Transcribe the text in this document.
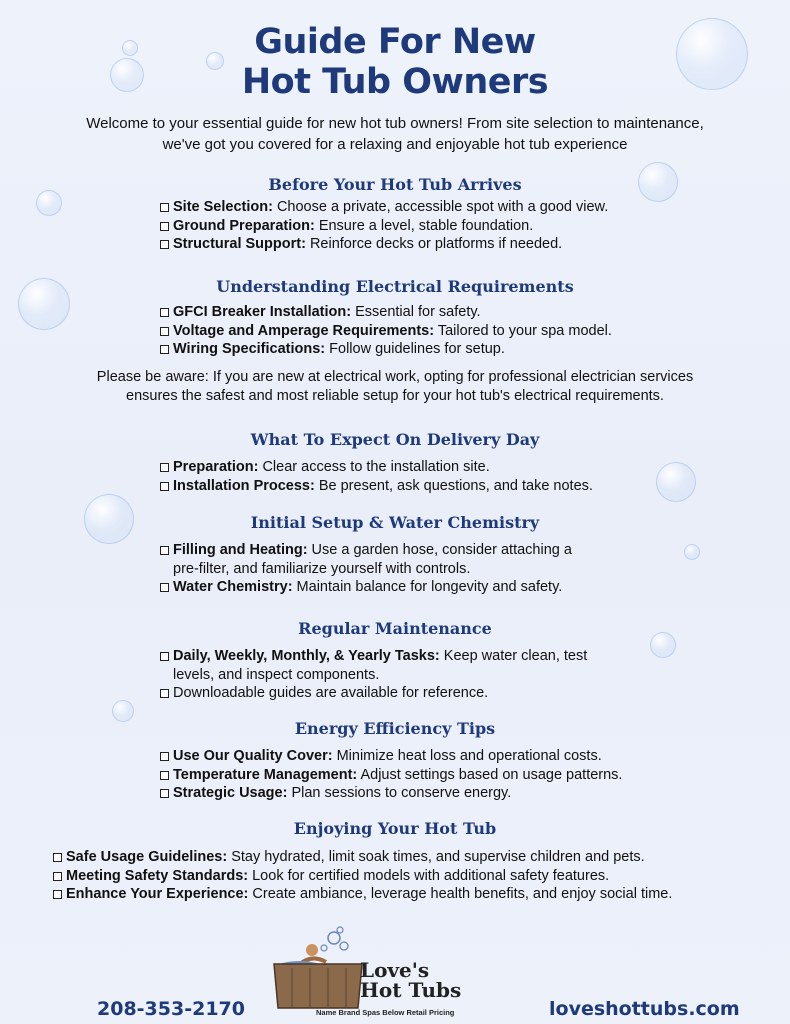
Guide For New
Hot Tub Owners
Welcome to your essential guide for new hot tub owners! From site selection to maintenance,
we've got you covered for a relaxing and enjoyable hot tub experience
Before Your Hot Tub Arrives
Site Selection: Choose a private, accessible spot with a good view.
Ground Preparation: Ensure a level, stable foundation.
Structural Support: Reinforce decks or platforms if needed.
Understanding Electrical Requirements
GFCI Breaker Installation: Essential for safety.
Voltage and Amperage Requirements: Tailored to your spa model.
Wiring Specifications: Follow guidelines for setup.
Please be aware: If you are new at electrical work, opting for professional electrician services
ensures the safest and most reliable setup for your hot tub's electrical requirements.
What To Expect On Delivery Day
Preparation: Clear access to the installation site.
Installation Process: Be present, ask questions, and take notes.
Initial Setup & Water Chemistry
Filling and Heating: Use a garden hose, consider attaching a
pre-filter, and familiarize yourself with controls.
Water Chemistry: Maintain balance for longevity and safety.
Regular Maintenance
Daily, Weekly, Monthly, & Yearly Tasks: Keep water clean, test
levels, and inspect components.
Downloadable guides are available for reference.
Energy Efficiency Tips
Use Our Quality Cover: Minimize heat loss and operational costs.
Temperature Management: Adjust settings based on usage patterns.
Strategic Usage: Plan sessions to conserve energy.
Enjoying Your Hot Tub
Safe Usage Guidelines: Stay hydrated, limit soak times, and supervise children and pets.
Meeting Safety Standards: Look for certified models with additional safety features.
Enhance Your Experience: Create ambiance, leverage health benefits, and enjoy social time.
208-353-2170
Love's
Hot Tubs
Name Brand Spas Below Retail Pricing	loveshottubs.com
